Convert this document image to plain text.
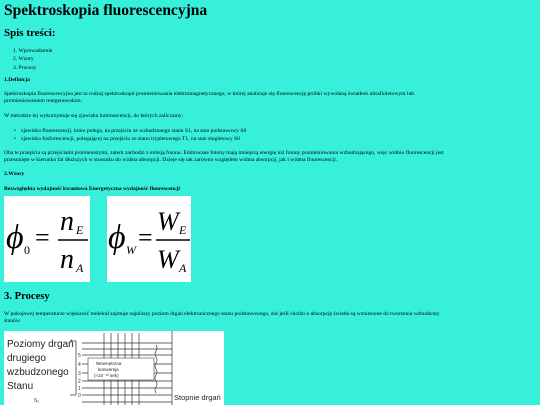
Spektroskopia fluorescencyjna
Spis treści:
1. Wprowadzenie
2. Wzory
3. Procesy

1.Definicja

Spektroskopia fluorescencyjna jest to rodzaj spektroskopii promieniowania elektromagnetycznego, w której analizuje się fluorescencję próbki wywołaną światłem ultrafioletowym lub

promieniowaniem rentgenowskim.

W metodzie tej wykorzystuje się zjawiska luminescencji, do których zaliczamy:

• zjawisko fluorescencji, które polega, na przejściu ze wzbudzonego stanu S1, na stan podstawowy S0
• zjawisko fosforescencji, polegającej na przejściu ze stanu trypletowego T1, na stan singletowy S0

Oba te przejścia są przejściami promienistymi, zatem zachodzi z emisją fotonu. Emitowane fotony mają mniejszą energię niż fotony promieniowania wzbudzającego, więc widmo fluorescencji jest

przesunięte w kierunku fal dłuższych w stosunku do widma absorpcji. Dzieje się tak zarówno względem widma absorpcji, jak i widma fluorescencji.

2.Wzory

Bezwzględna wydajność kwantowa Energetyczna wydajność fluorescencji

ϕ 0 =
n E
n A
ϕ W =
W E
W A
3. Procesy

W pokojowej temperaturze większość molekuł zajmuje najniższy poziom drgań elektronicznego stanu podstawowego, zaś jeśli chodzi o absorpcję światła są wzniesione do tworzenia wzbudzony

stanów.

Poziomy drgań
drugiego
wzbudzonego
Stanu
S₂
5
4
3
2
1
0
Wewnętrzna
konwersja
(≈10⁻¹² sek)
Stopnie drgań
